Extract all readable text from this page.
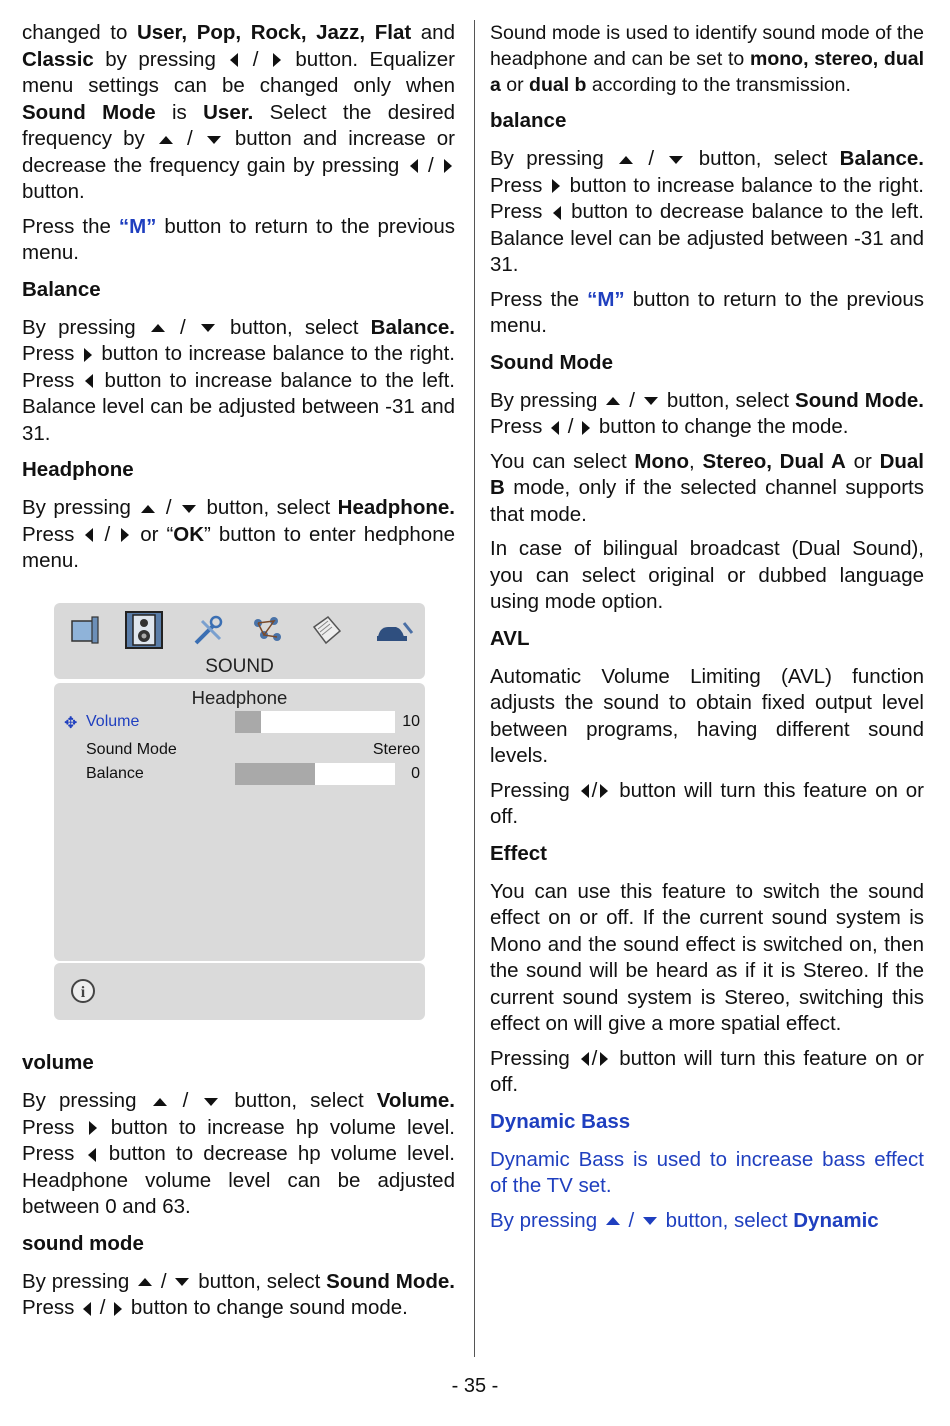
changed to User, Pop, Rock, Jazz, Flat and Classic by pressing  /  button. Equalizer menu settings can be changed only when Sound Mode is User. Select the desired frequency by  /  button and increase or decrease the frequency gain by pressing  /  button.

Press the “M” button to return to the previous menu.

Balance

By pressing  /  button, select Balance. Press  button to increase balance to the right. Press  button to increase balance to the left. Balance level can be adjusted between -31 and 31.

Headphone

By pressing  /  button, select Headphone. Press  /  or “OK” button to enter hedphone menu.

SOUND
Headphone
✥ Volume	10
Sound Mode	Stereo
Balance	0
i
volume

By pressing  /  button, select Volume. Press  button to increase hp volume level. Press  button to decrease hp volume level. Headphone volume level can be adjusted between 0 and 63.

sound mode

By pressing  /  button, select Sound Mode. Press  /  button to change sound mode.

Sound mode is used to identify sound mode of the headphone and can be set to mono, stereo, dual a or dual b according to the transmission.

balance

By pressing  /  button, select Balance. Press  button to increase balance to the right. Press  button to decrease balance to the left. Balance level can be adjusted between -31 and 31.

Press the “M” button to return to the previous menu.

Sound Mode

By pressing  /  button, select Sound Mode. Press  /  button to change the mode.

You can select Mono, Stereo, Dual A or Dual B mode, only if the selected channel supports that mode.

In case of bilingual broadcast (Dual Sound), you can select original or dubbed language using mode option.

AVL

Automatic Volume Limiting (AVL) function adjusts the sound to obtain fixed output level between programs, having different sound levels.

Pressing / button will turn this feature on or off.

Effect

You can use this feature to switch the sound effect on or off. If the current sound system is Mono and the sound effect is switched on, then the sound will be heard as if it is Stereo. If the current sound system is Stereo, switching this effect on will give a more spatial effect.

Pressing / button will turn this feature on or off.

Dynamic Bass

Dynamic Bass is used to increase bass effect of the TV set.

By pressing  /  button, select Dynamic

- 35 -
